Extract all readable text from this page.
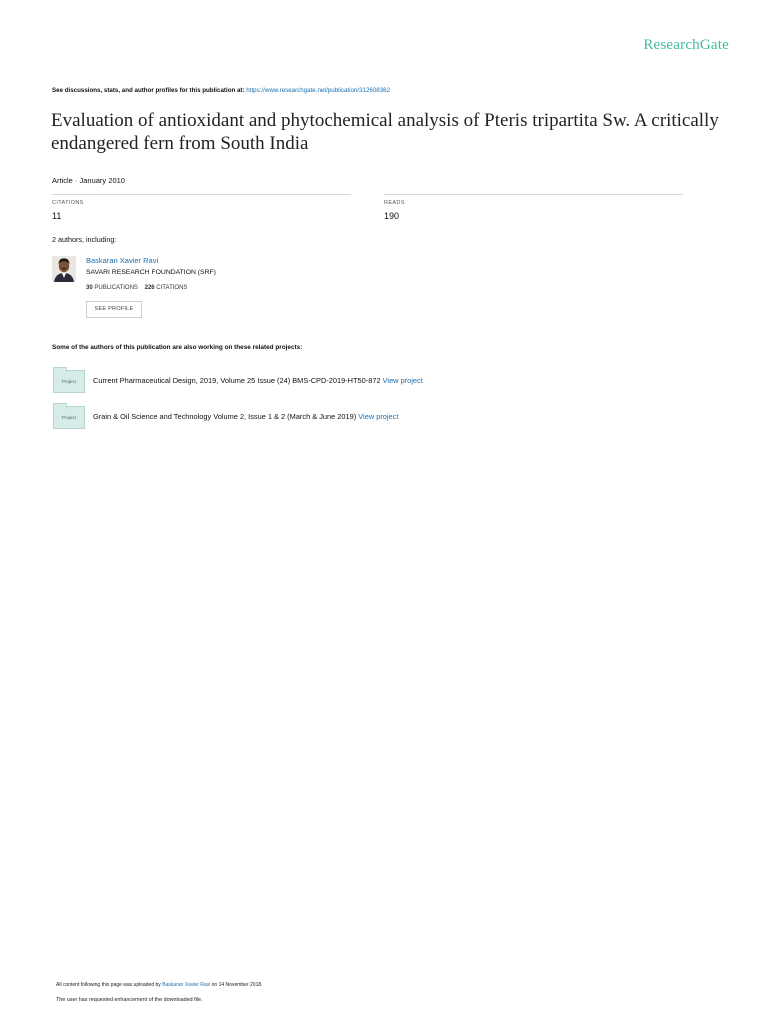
ResearchGate
See discussions, stats, and author profiles for this publication at: https://www.researchgate.net/publication/312608362
Evaluation of antioxidant and phytochemical analysis of Pteris tripartita Sw. A critically endangered fern from South India
Article · January 2010
CITATIONS
11
READS
190
2 authors, including:
Baskaran Xavier Ravi
SAVARI RESEARCH FOUNDATION (SRF)
30 PUBLICATIONS 226 CITATIONS
SEE PROFILE
Some of the authors of this publication are also working on these related projects:
Project	Current Pharmaceutical Design, 2019, Volume 25 Issue (24) BMS-CPD-2019-HT50-872 View project
Project	Grain & Oil Science and Technology Volume 2, Issue 1 & 2 (March & June 2019) View project
All content following this page was uploaded by Baskaran Xavier Ravi on 14 November 2018.
The user has requested enhancement of the downloaded file.
